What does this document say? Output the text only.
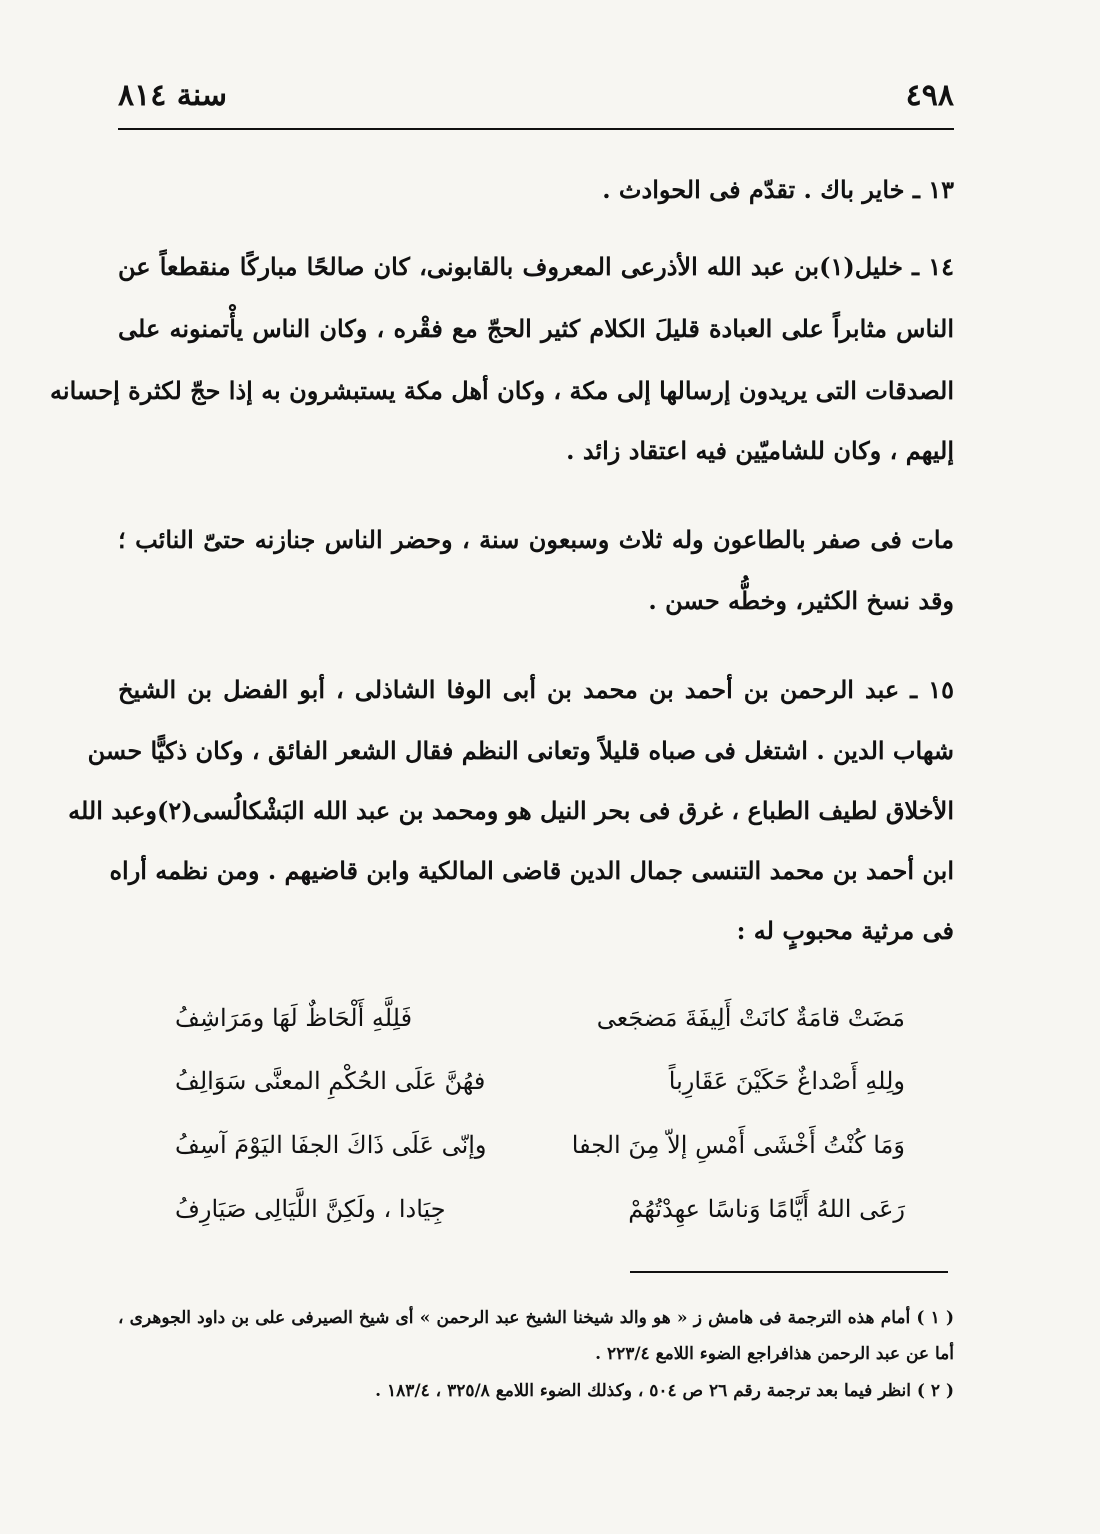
٤٩٨
سنة ٨١٤
١٣ ـ خاير باك . تقدّم فى الحوادث .
١٤ ـ خليل(١)بن عبد الله الأذرعى المعروف بالقابونى، كان صالحًا مباركًا منقطعاً عن
الناس مثابراً على العبادة قليلَ الكلام كثير الحجّ مع فقْره ، وكان الناس يأْتمنونه على
الصدقات التى يريدون إرسالها إلى مكة ، وكان أهل مكة يستبشرون به إذا حجّ لكثرة إحسانه
إليهم ، وكان للشاميّين فيه اعتقاد زائد .
مات فى صفر بالطاعون وله ثلاث وسبعون سنة ، وحضر الناس جنازنه حتىّ النائب ؛
وقد نسخ الكثير، وخطُّه حسن .
١٥ ـ عبد الرحمن بن أحمد بن محمد بن أبى الوفا الشاذلى ، أبو الفضل بن الشيخ
شهاب الدين . اشتغل فى صباه قليلاً وتعانى النظم فقال الشعر الفائق ، وكان ذكيًّا حسن
الأخلاق لطيف الطباع ، غرق فى بحر النيل هو ومحمد بن عبد الله البَشْكالُسى(٢)وعبد الله
ابن أحمد بن محمد التنسى جمال الدين قاضى المالكية وابن قاضيهم . ومن نظمه أراه
فى مرثية محبوبٍ له :
مَضَتْ قامَةٌ كانَتْ أَلِيفَةَ مَضجَعى
فَلِلَّهِ أَلْحَاظٌ لَهَا ومَرَاشِفُ
ولِلهِ أَصْداغٌ حَكَيْنَ عَقَارِباً
فهُنَّ عَلَى الحُكْمِ المعنَّى سَوَالِفُ
وَمَا كُنْتُ أَخْشَى أَمْسِ إلاّ مِنَ الجفا
وإنّى عَلَى ذَاكَ الجفَا اليَوْمَ آسِفُ
رَعَى اللهُ أَيَّامًا وَناسًا عهِدْتُهُمْ
جِيَادا ، ولَكِنَّ اللَّيَالِى صَيَارِفُ
( ١ ) أمام هذه الترجمة فى هامش ز « هو والد شيخنا الشيخ عبد الرحمن » أى شيخ الصيرفى على بن داود الجوهرى ،
أما عن عبد الرحمن هذافراجع الضوء اللامع ٢٢٣/٤ .
( ٢ ) انظر فيما بعد ترجمة رقم ٢٦ ص ٥٠٤ ، وكذلك الضوء اللامع ٣٢٥/٨ ، ١٨٣/٤ .
